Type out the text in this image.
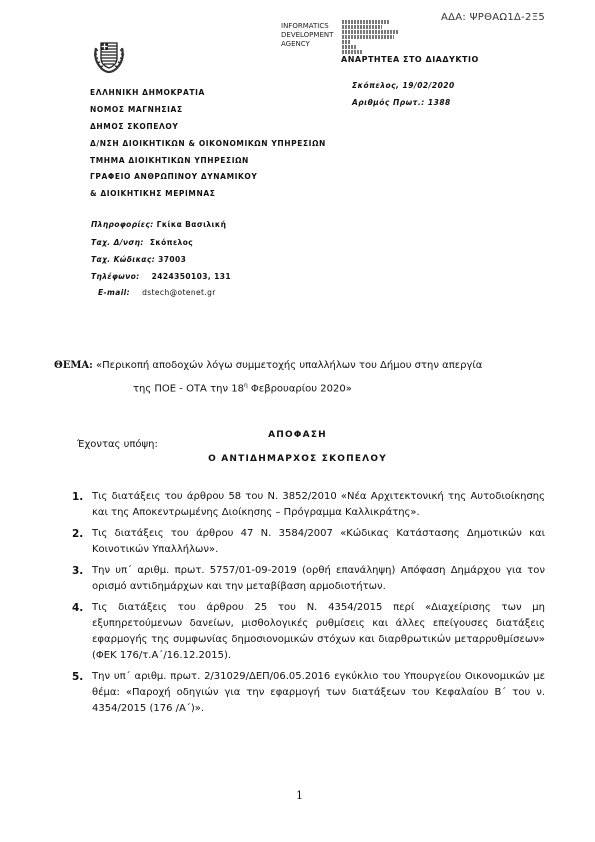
ΑΔΑ: ΨΡΘΑΩ1Δ-2Ξ5
INFORMATICS
DEVELOPMENT
AGENCY
ΑΝΑΡΤΗΤΕΑ ΣΤΟ ΔΙΑΔΥΚΤΙΟ
ΕΛΛΗΝΙΚΗ ΔΗΜΟΚΡΑΤΙΑ
ΝΟΜΟΣ ΜΑΓΝΗΣΙΑΣ
ΔΗΜΟΣ ΣΚΟΠΕΛΟΥ
Δ/ΝΣΗ ΔΙΟΙΚΗΤΙΚΩΝ & ΟΙΚΟΝΟΜΙΚΩΝ ΥΠΗΡΕΣΙΩΝ
ΤΜΗΜΑ ΔΙΟΙΚΗΤΙΚΩΝ ΥΠΗΡΕΣΙΩΝ
ΓΡΑΦΕΙΟ ΑΝΘΡΩΠΙΝΟΥ ΔΥΝΑΜΙΚΟΥ
& ΔΙΟΙΚΗΤΙΚΗΣ ΜΕΡΙΜΝΑΣ
Σκόπελος, 19/02/2020
Αριθμός Πρωτ.: 1388
Πληροφορίες: Γκίκα Βασιλική
Ταχ. Δ/νση: Σκόπελος
Ταχ. Κώδικας: 37003
Τηλέφωνο: 2424350103, 131
E-mail: dstech@otenet.gr
ΘΕΜΑ: «Περικοπή αποδοχών λόγω συμμετοχής υπαλλήλων του Δήμου στην απεργία
της ΠΟΕ - ΟΤΑ την $18^\eta$ Φεβρουαρίου 2020»
ΑΠΟΦΑΣΗ
Ο ΑΝΤΙΔΗΜΑΡΧΟΣ ΣΚΟΠΕΛΟΥ
Έχοντας υπόψη:
1. Τις διατάξεις του άρθρου 58 του Ν. 3852/2010 «Νέα Αρχιτεκτονική της Αυτοδιοίκησης και της Αποκεντρωμένης Διοίκησης – Πρόγραμμα Καλλικράτης».
2. Τις διατάξεις του άρθρου 47 Ν. 3584/2007 «Κώδικας Κατάστασης Δημοτικών και Κοινοτικών Υπαλλήλων».
3. Την υπ΄ αριθμ. πρωτ. 5757/01-09-2019 (ορθή επανάληψη) Απόφαση Δημάρχου για τον ορισμό αντιδημάρχων και την μεταβίβαση αρμοδιοτήτων.
4. Τις διατάξεις του άρθρου 25 του Ν. 4354/2015 περί «Διαχείρισης των μη εξυπηρετούμενων δανείων, μισθολογικές ρυθμίσεις και άλλες επείγουσες διατάξεις εφαρμογής της συμφωνίας δημοσιονομικών στόχων και διαρθρωτικών μεταρρυθμίσεων» (ΦΕΚ 176/τ.Α΄/16.12.2015).
5. Την υπ΄ αριθμ. πρωτ. 2/31029/ΔΕΠ/06.05.2016 εγκύκλιο του Υπουργείου Οικονομικών με θέμα: «Παροχή οδηγιών για την εφαρμογή των διατάξεων του Κεφαλαίου Β΄ του ν. 4354/2015 (176 /Α΄)».
1
